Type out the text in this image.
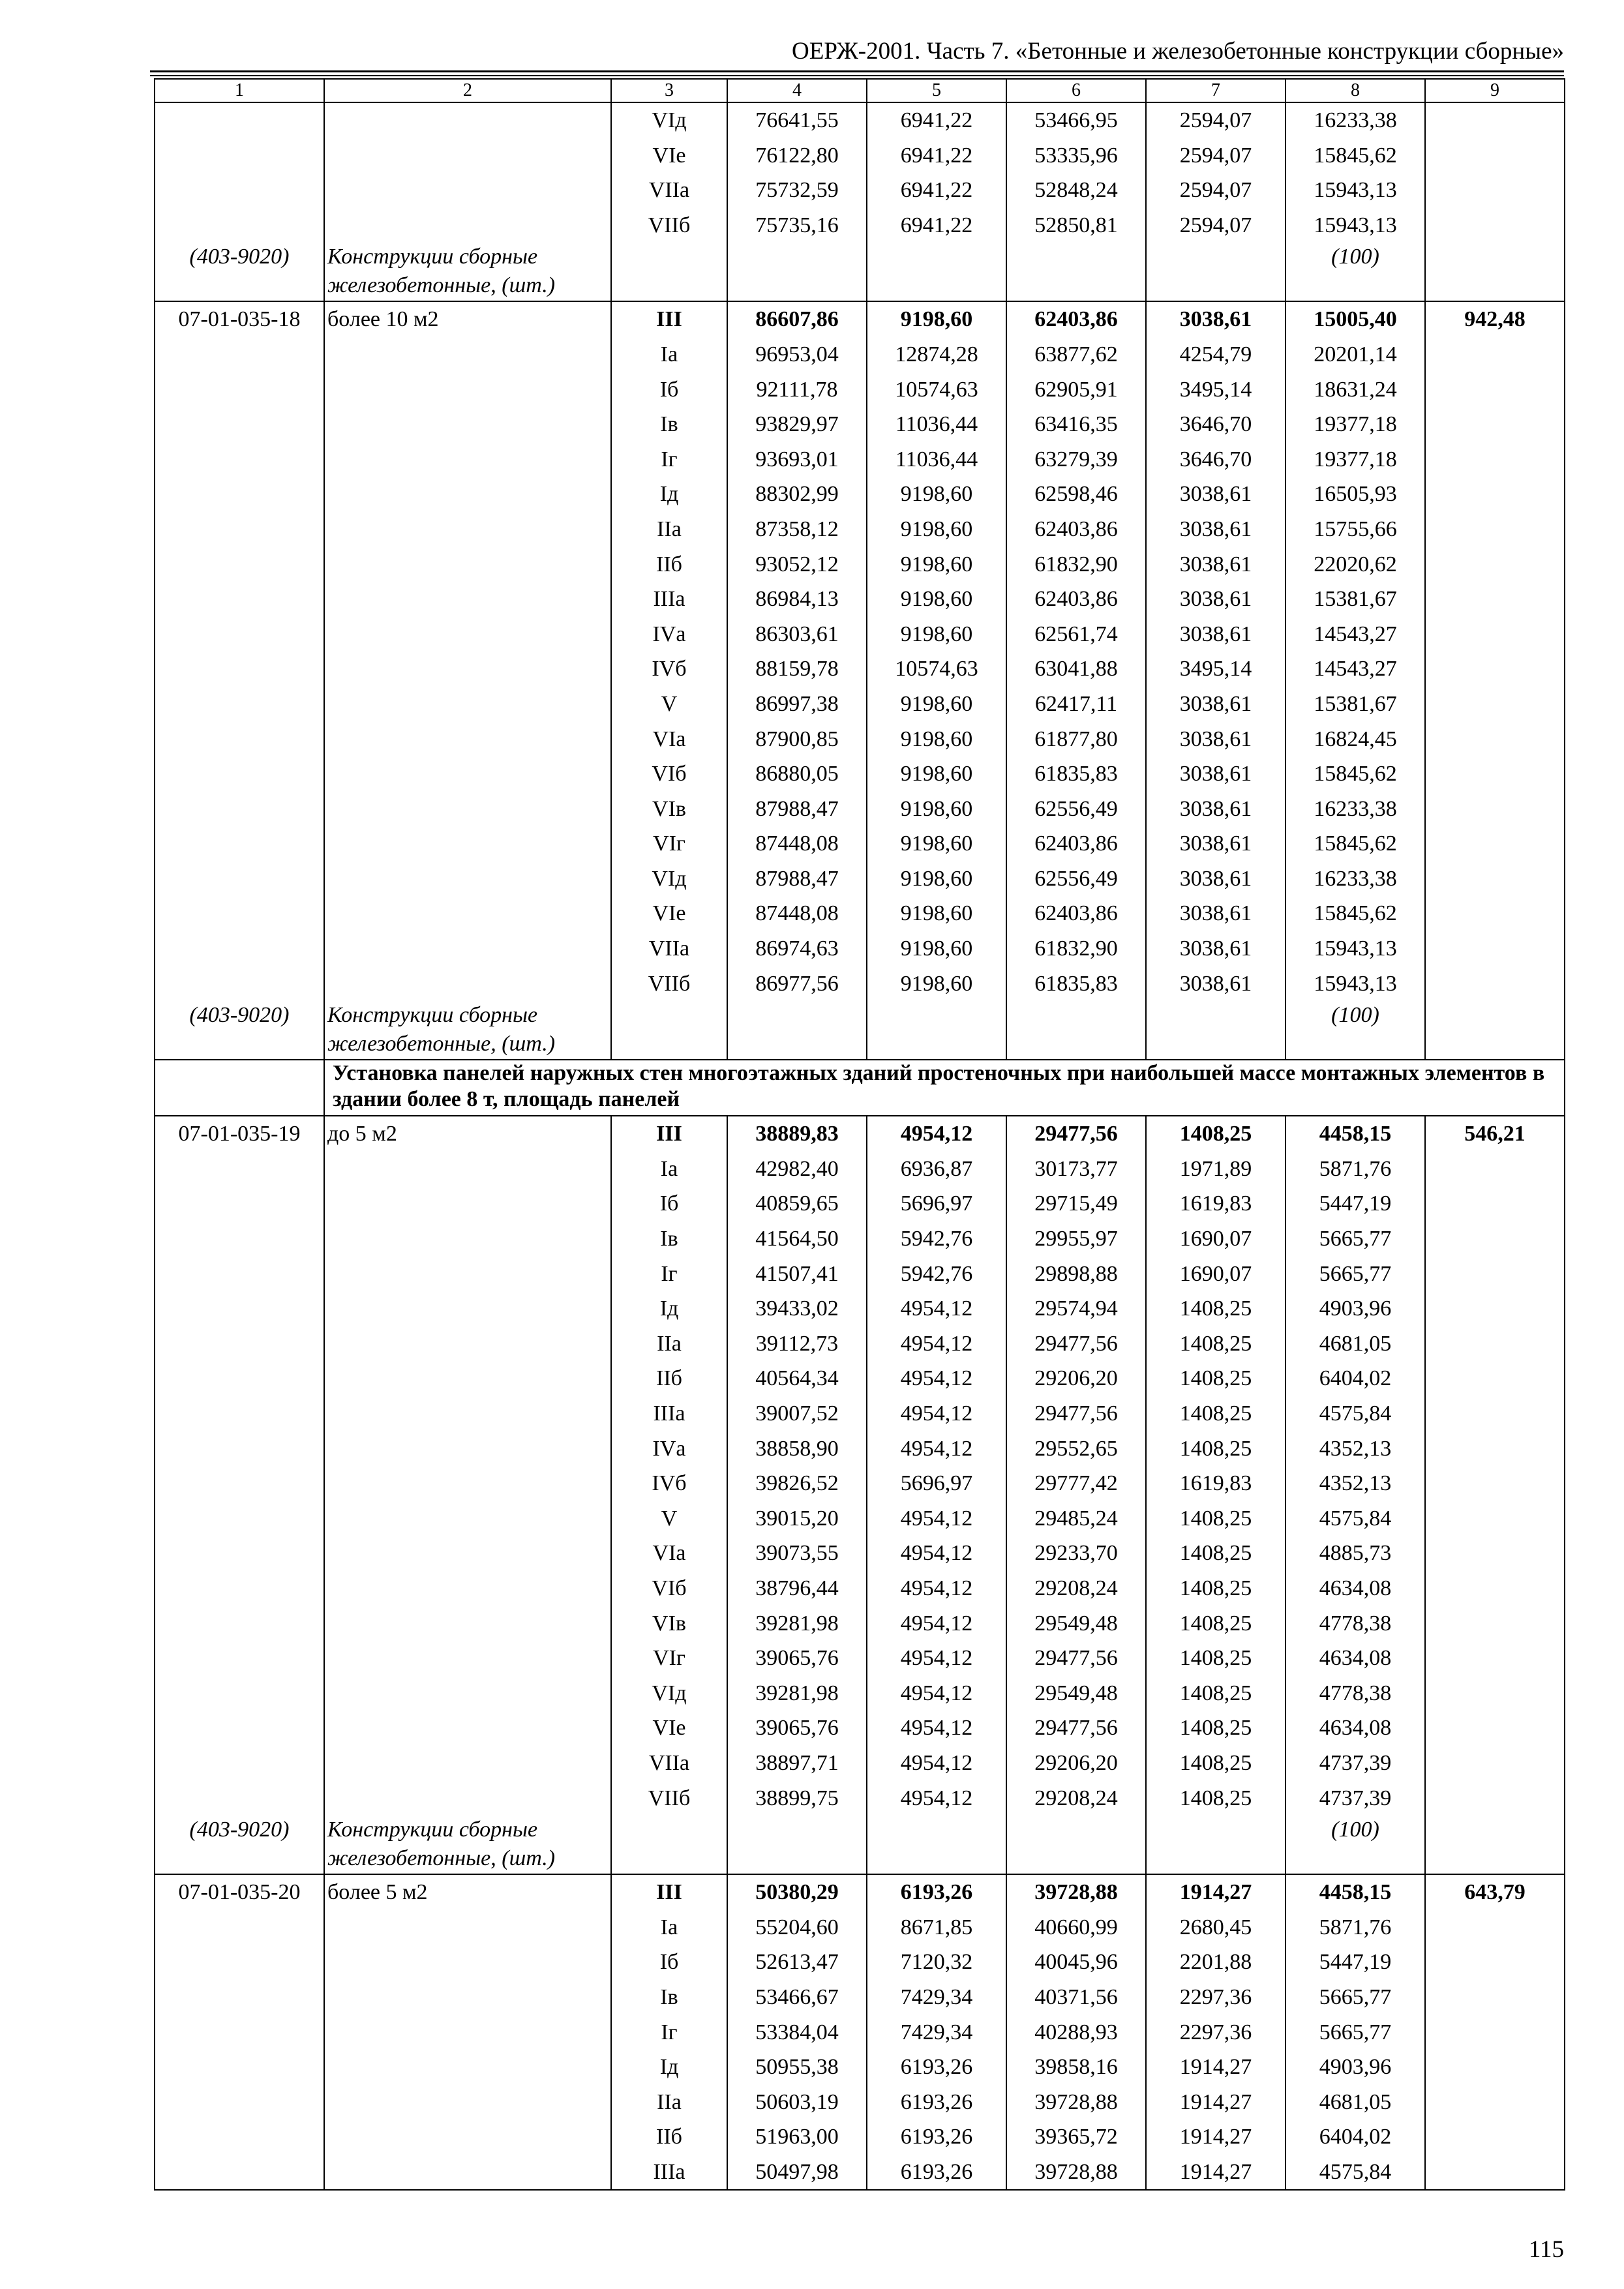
ОЕРЖ-2001. Часть 7. «Бетонные и железобетонные конструкции сборные»
1	2	3	4	5	6	7	8	9
		VIд	76641,55	6941,22	53466,95	2594,07	16233,38	
		VIе	76122,80	6941,22	53335,96	2594,07	15845,62	
		VIIа	75732,59	6941,22	52848,24	2594,07	15943,13	
		VIIб	75735,16	6941,22	52850,81	2594,07	15943,13	
(403-9020)	Конструкции сборные железобетонные, (шт.)						(100)	
07-01-035-18	более 10 м2	III	86607,86	9198,60	62403,86	3038,61	15005,40	942,48
		Iа	96953,04	12874,28	63877,62	4254,79	20201,14	
		Iб	92111,78	10574,63	62905,91	3495,14	18631,24	
		Iв	93829,97	11036,44	63416,35	3646,70	19377,18	
		Iг	93693,01	11036,44	63279,39	3646,70	19377,18	
		Iд	88302,99	9198,60	62598,46	3038,61	16505,93	
		IIа	87358,12	9198,60	62403,86	3038,61	15755,66	
		IIб	93052,12	9198,60	61832,90	3038,61	22020,62	
		IIIа	86984,13	9198,60	62403,86	3038,61	15381,67	
		IVа	86303,61	9198,60	62561,74	3038,61	14543,27	
		IVб	88159,78	10574,63	63041,88	3495,14	14543,27	
		V	86997,38	9198,60	62417,11	3038,61	15381,67	
		VIа	87900,85	9198,60	61877,80	3038,61	16824,45	
		VIб	86880,05	9198,60	61835,83	3038,61	15845,62	
		VIв	87988,47	9198,60	62556,49	3038,61	16233,38	
		VIг	87448,08	9198,60	62403,86	3038,61	15845,62	
		VIд	87988,47	9198,60	62556,49	3038,61	16233,38	
		VIе	87448,08	9198,60	62403,86	3038,61	15845,62	
		VIIа	86974,63	9198,60	61832,90	3038,61	15943,13	
		VIIб	86977,56	9198,60	61835,83	3038,61	15943,13	
(403-9020)	Конструкции сборные железобетонные, (шт.)						(100)	
	Установка панелей наружных стен многоэтажных зданий простеночных при наибольшей массе монтажных элементов в здании более 8 т, площадь панелей							
07-01-035-19	до 5 м2	III	38889,83	4954,12	29477,56	1408,25	4458,15	546,21
		Iа	42982,40	6936,87	30173,77	1971,89	5871,76	
		Iб	40859,65	5696,97	29715,49	1619,83	5447,19	
		Iв	41564,50	5942,76	29955,97	1690,07	5665,77	
		Iг	41507,41	5942,76	29898,88	1690,07	5665,77	
		Iд	39433,02	4954,12	29574,94	1408,25	4903,96	
		IIа	39112,73	4954,12	29477,56	1408,25	4681,05	
		IIб	40564,34	4954,12	29206,20	1408,25	6404,02	
		IIIа	39007,52	4954,12	29477,56	1408,25	4575,84	
		IVа	38858,90	4954,12	29552,65	1408,25	4352,13	
		IVб	39826,52	5696,97	29777,42	1619,83	4352,13	
		V	39015,20	4954,12	29485,24	1408,25	4575,84	
		VIа	39073,55	4954,12	29233,70	1408,25	4885,73	
		VIб	38796,44	4954,12	29208,24	1408,25	4634,08	
		VIв	39281,98	4954,12	29549,48	1408,25	4778,38	
		VIг	39065,76	4954,12	29477,56	1408,25	4634,08	
		VIд	39281,98	4954,12	29549,48	1408,25	4778,38	
		VIе	39065,76	4954,12	29477,56	1408,25	4634,08	
		VIIа	38897,71	4954,12	29206,20	1408,25	4737,39	
		VIIб	38899,75	4954,12	29208,24	1408,25	4737,39	
(403-9020)	Конструкции сборные железобетонные, (шт.)						(100)	
07-01-035-20	более 5 м2	III	50380,29	6193,26	39728,88	1914,27	4458,15	643,79
		Iа	55204,60	8671,85	40660,99	2680,45	5871,76	
		Iб	52613,47	7120,32	40045,96	2201,88	5447,19	
		Iв	53466,67	7429,34	40371,56	2297,36	5665,77	
		Iг	53384,04	7429,34	40288,93	2297,36	5665,77	
		Iд	50955,38	6193,26	39858,16	1914,27	4903,96	
		IIа	50603,19	6193,26	39728,88	1914,27	4681,05	
		IIб	51963,00	6193,26	39365,72	1914,27	6404,02	
		IIIа	50497,98	6193,26	39728,88	1914,27	4575,84	
115
